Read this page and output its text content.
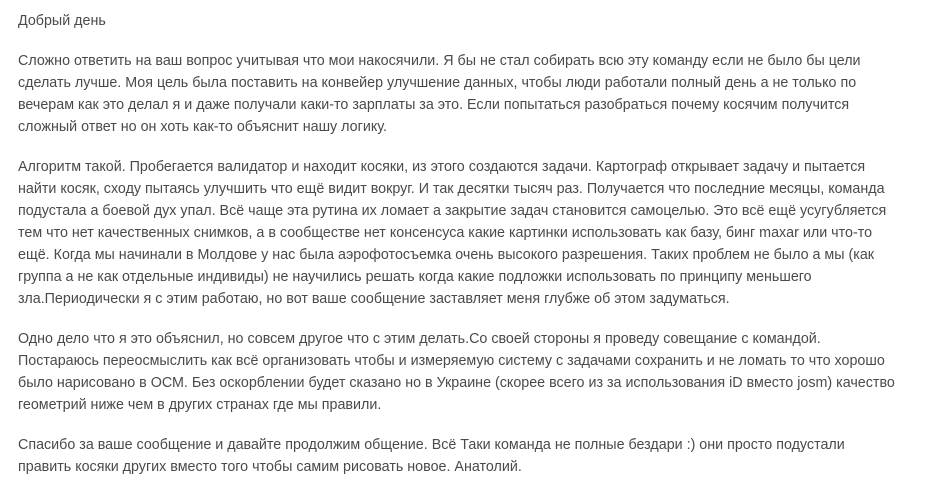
Добрый день

Сложно ответить на ваш вопрос учитывая что мои накосячили. Я бы не стал собирать всю эту команду если не было бы цели
сделать лучше. Моя цель была поставить на конвейер улучшение данных, чтобы люди работали полный день а не только по
вечерам как это делал я и даже получали каки-то зарплаты за это. Если попытаться разобраться почему косячим получится
сложный ответ но он хоть как-то объяснит нашу логику.
Алгоритм такой. Пробегается валидатор и находит косяки, из этого создаются задачи. Картограф открывает задачу и пытается
найти косяк, сходу пытаясь улучшить что ещё видит вокруг. И так десятки тысяч раз. Получается что последние месяцы, команда
подустала а боевой дух упал. Всё чаще эта рутина их ломает а закрытие задач становится самоцелью. Это всё ещё усугубляется
тем что нет качественных снимков, а в сообществе нет консенсуса какие картинки использовать как базу, бинг maxar или что-то
ещё. Когда мы начинали в Молдове у нас была аэрофотосъемка очень высокого разрешения. Таких проблем не было а мы (как
группа а не как отдельные индивиды) не научились решать когда какие подложки использовать по принципу меньшего
зла.Периодически я с этим работаю, но вот ваше сообщение заставляет меня глубже об этом задуматься.
Одно дело что я это объяснил, но совсем другое что с этим делать.Со своей стороны я проведу совещание с командой.
Постараюсь переосмыслить как всё организовать чтобы и измеряемую систему с задачами сохранить и не ломать то что хорошо
было нарисовано в ОСМ. Без оскорблении будет сказано но в Украине (скорее всего из за использования iD вместо josm) качество
геометрий ниже чем в других странах где мы правили.
Спасибо за ваше сообщение и давайте продолжим общение. Всё Таки команда не полные бездари :) они просто подустали
править косяки других вместо того чтобы самим рисовать новое. Анатолий.
